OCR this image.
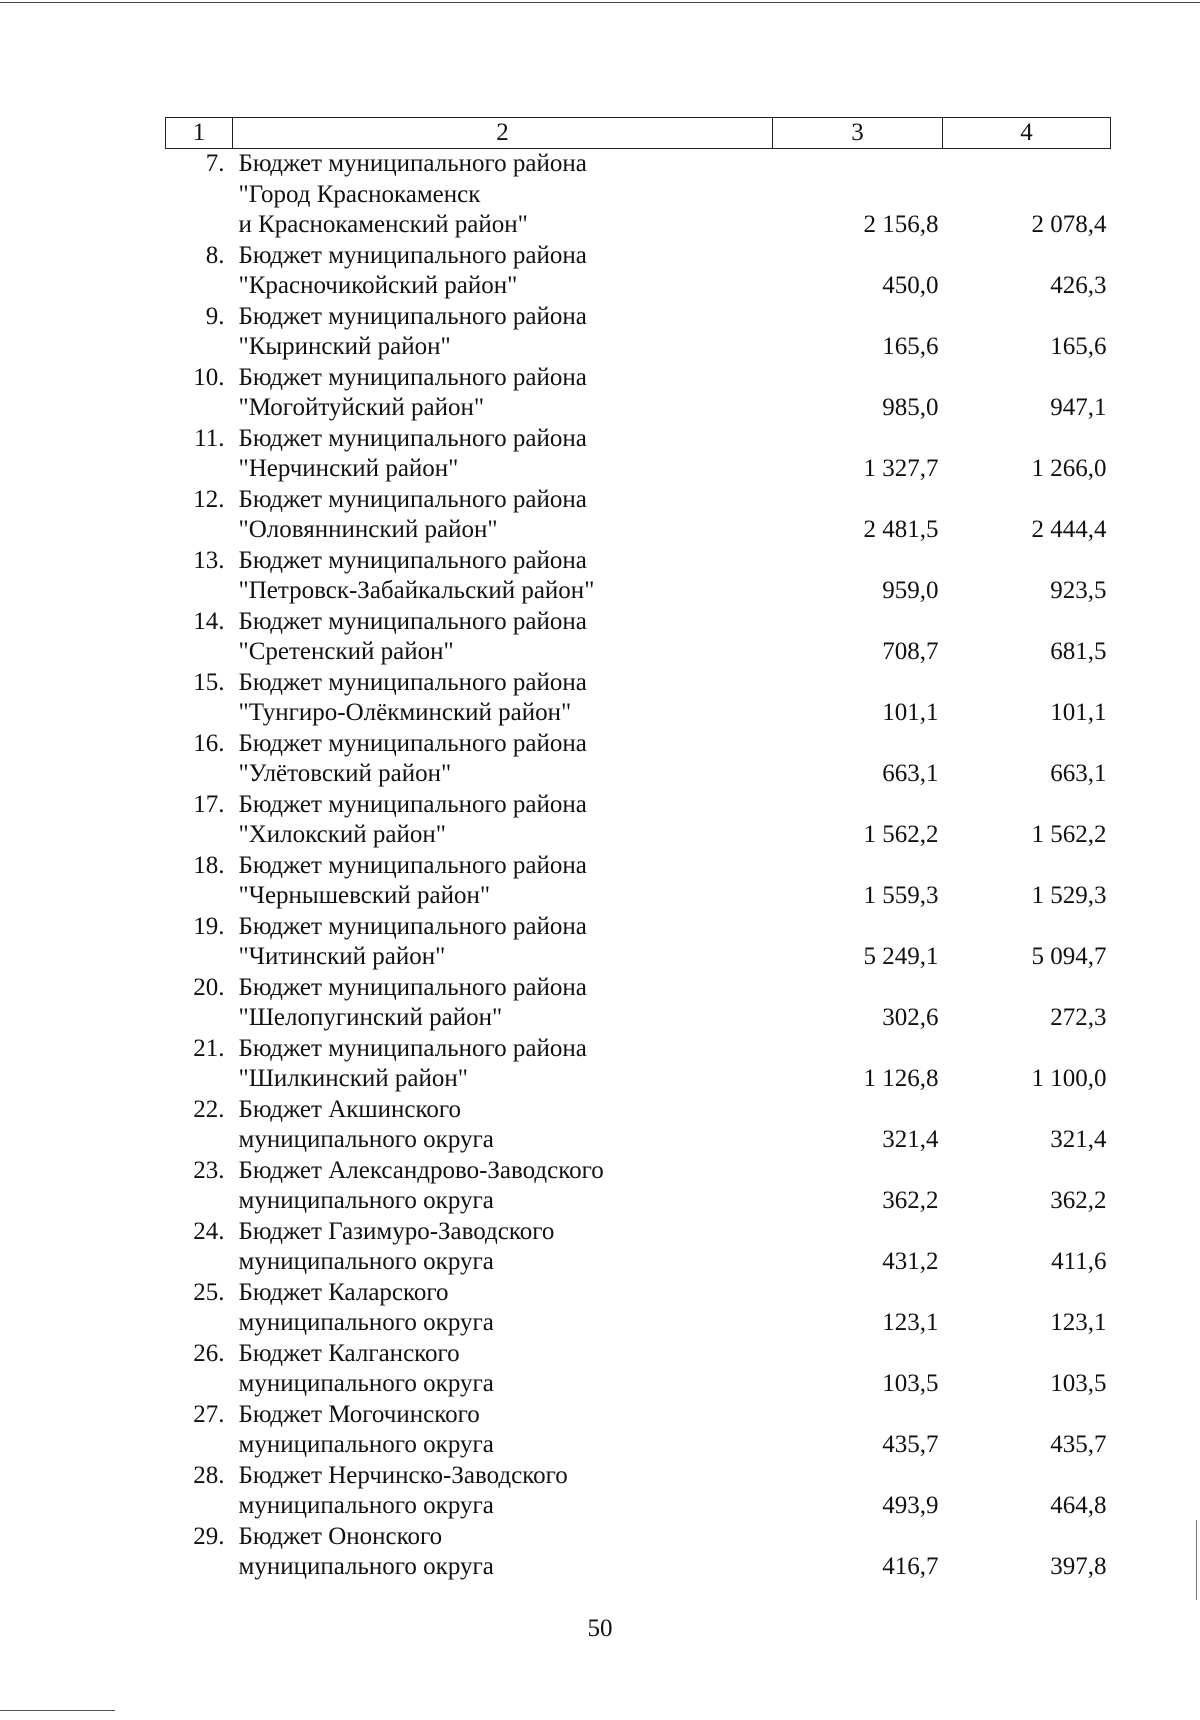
1	2	3	4
7.	Бюджет муниципального района
"Город Краснокаменск
и Краснокаменский район"	2 156,8	2 078,4
8.	Бюджет муниципального района
"Красночикойский район"	450,0	426,3
9.	Бюджет муниципального района
"Кыринский район"	165,6	165,6
10.	Бюджет муниципального района
"Могойтуйский район"	985,0	947,1
11.	Бюджет муниципального района
"Нерчинский район"	1 327,7	1 266,0
12.	Бюджет муниципального района
"Оловяннинский район"	2 481,5	2 444,4
13.	Бюджет муниципального района
"Петровск-Забайкальский район"	959,0	923,5
14.	Бюджет муниципального района
"Сретенский район"	708,7	681,5
15.	Бюджет муниципального района
"Тунгиро-Олёкминский район"	101,1	101,1
16.	Бюджет муниципального района
"Улётовский район"	663,1	663,1
17.	Бюджет муниципального района
"Хилокский район"	1 562,2	1 562,2
18.	Бюджет муниципального района
"Чернышевский район"	1 559,3	1 529,3
19.	Бюджет муниципального района
"Читинский район"	5 249,1	5 094,7
20.	Бюджет муниципального района
"Шелопугинский район"	302,6	272,3
21.	Бюджет муниципального района
"Шилкинский район"	1 126,8	1 100,0
22.	Бюджет Акшинского
муниципального округа	321,4	321,4
23.	Бюджет Александрово-Заводского
муниципального округа	362,2	362,2
24.	Бюджет Газимуро-Заводского
муниципального округа	431,2	411,6
25.	Бюджет Каларского
муниципального округа	123,1	123,1
26.	Бюджет Калганского
муниципального округа	103,5	103,5
27.	Бюджет Могочинского
муниципального округа	435,7	435,7
28.	Бюджет Нерчинско-Заводского
муниципального округа	493,9	464,8
29.	Бюджет Ононского
муниципального округа	416,7	397,8
50
